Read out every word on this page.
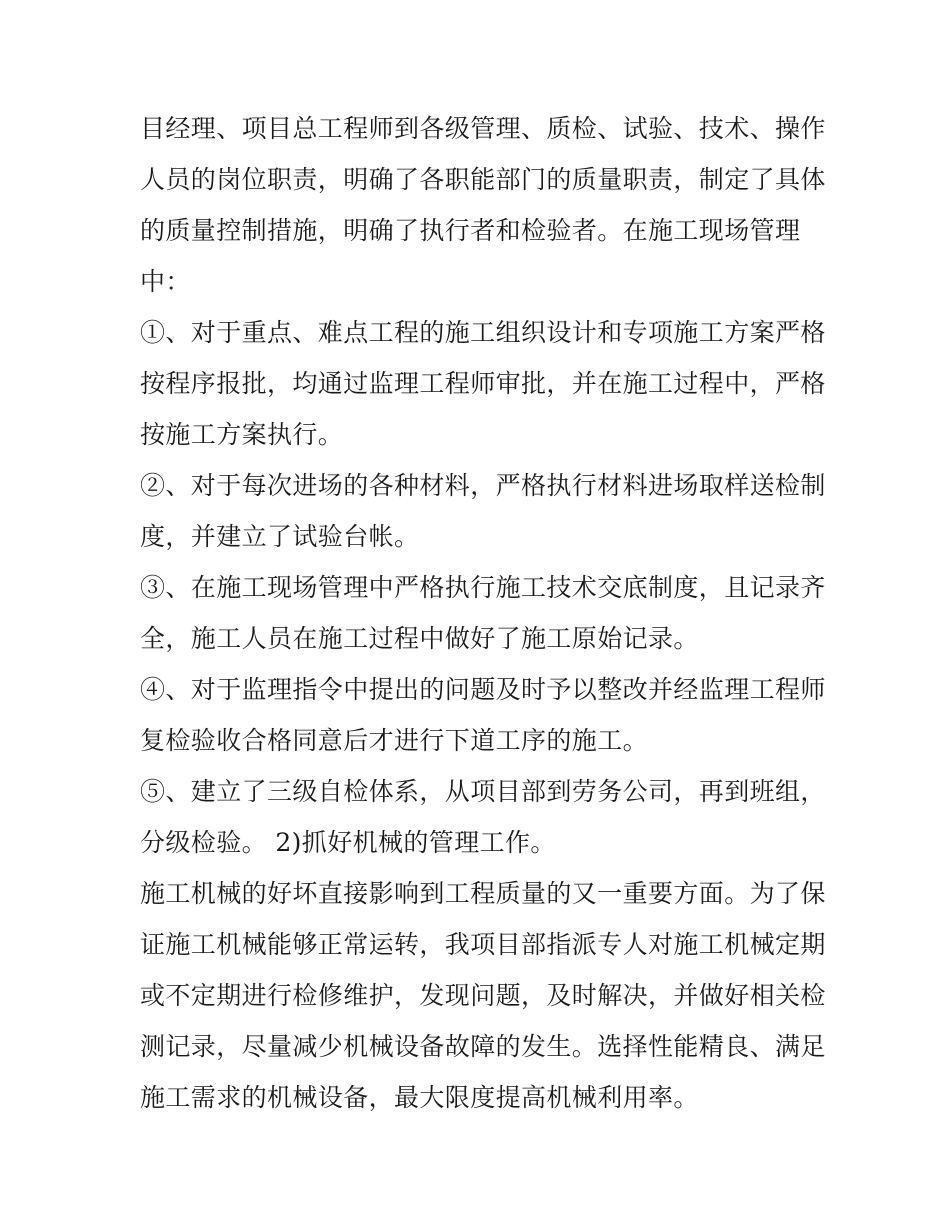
目经理、项目总工程师到各级管理、质检、试验、技术、操作

人员的岗位职责，明确了各职能部门的质量职责，制定了具体

的质量控制措施，明确了执行者和检验者。在施工现场管理

中：

①、对于重点、难点工程的施工组织设计和专项施工方案严格

按程序报批，均通过监理工程师审批，并在施工过程中，严格

按施工方案执行。

②、对于每次进场的各种材料，严格执行材料进场取样送检制

度，并建立了试验台帐。

③、在施工现场管理中严格执行施工技术交底制度，且记录齐

全，施工人员在施工过程中做好了施工原始记录。

④、对于监理指令中提出的问题及时予以整改并经监理工程师

复检验收合格同意后才进行下道工序的施工。

⑤、建立了三级自检体系，从项目部到劳务公司，再到班组，

分级检验。 2)抓好机械的管理工作。

施工机械的好坏直接影响到工程质量的又一重要方面。为了保

证施工机械能够正常运转，我项目部指派专人对施工机械定期

或不定期进行检修维护，发现问题，及时解决，并做好相关检

测记录，尽量减少机械设备故障的发生。选择性能精良、满足

施工需求的机械设备，最大限度提高机械利用率。
